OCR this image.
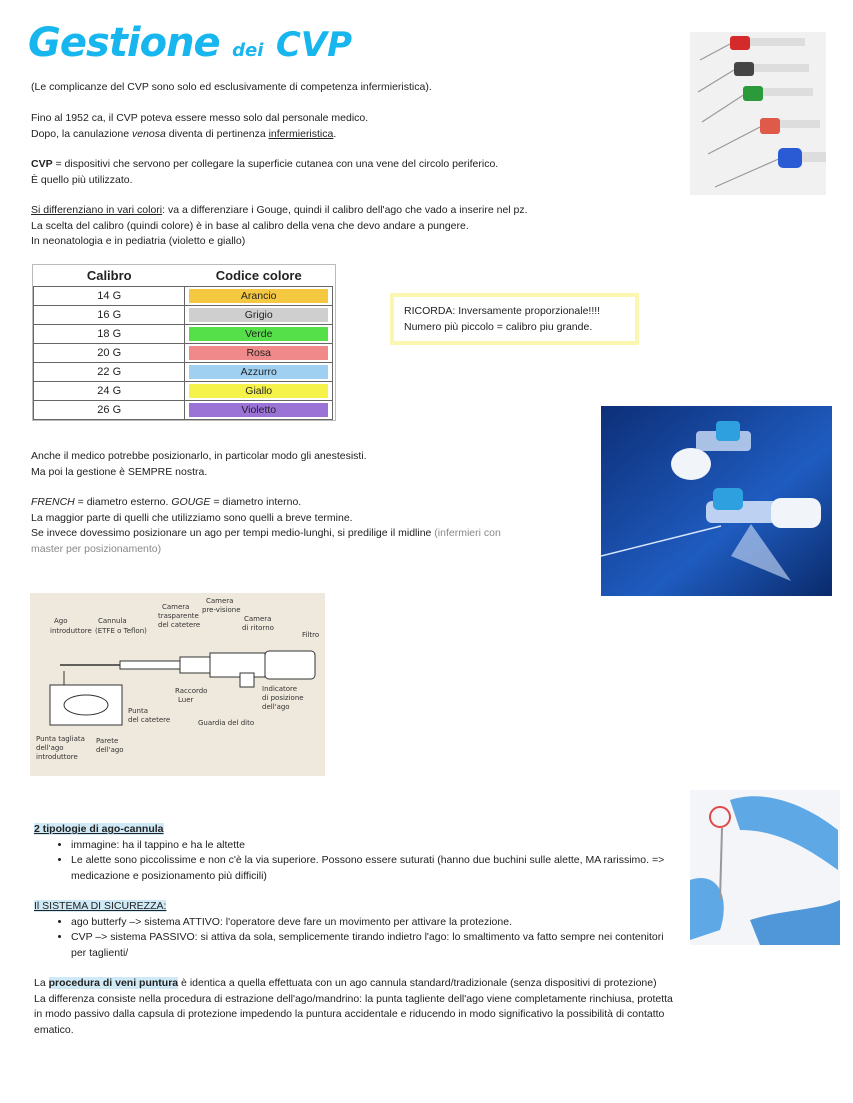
Gestione dei CVP
(Le complicanze del CVP sono solo ed esclusivamente di competenza infermieristica).
Fino al 1952 ca, il CVP poteva essere messo solo dal personale medico.
Dopo, la canulazione venosa diventa di pertinenza infermieristica.
CVP = dispositivi che servono per collegare la superficie cutanea con una vene del circolo periferico.
È quello più utilizzato.
Si differenziano in vari colori: va a differenziare i Gouge, quindi il calibro dell'ago che vado a inserire nel pz.
La scelta del calibro (quindi colore) è in base al calibro della vena che devo andare a pungere.
In neonatologia e in pediatria (violetto e giallo)
Calibro	Codice colore
14 G	Arancio

16 G	Grigio

18 G	Verde

20 G	Rosa

22 G	Azzurro

24 G	Giallo

26 G	Violetto
RICORDA: Inversamente proporzionale!!!!
Numero più piccolo = calibro piu grande.
Anche il medico potrebbe posizionarlo, in particolar modo gli anestesisti.
Ma poi la gestione è SEMPRE nostra.
FRENCH = diametro esterno. GOUGE = diametro interno.
La maggior parte di quelli che utilizziamo sono quelli a breve termine.
Se invece dovessimo posizionare un ago per tempi medio-lunghi, si predilige il midline (infermieri con
master per posizionamento)
Ago
introduttore
Cannula
(ETFE o Teflon)
Camera
trasparente
del catetere
Camera
pre-visione
Camera
di ritorno
Filtro
Raccordo
Luer
Guardia del dito
Indicatore
di posizione
dell'ago
Punta
del catetere
Punta tagliata
dell'ago
introduttore
Parete
dell'ago
2 tipologie di ago-cannula
• immagine: ha il tappino e ha le altette
• Le alette sono piccolissime e non c'è la via superiore. Possono essere suturati (hanno due buchini sulle alette, MA rarissimo. => medicazione e posizionamento più difficili)
Il SISTEMA DI SICUREZZA:
• ago butterfy –> sistema ATTIVO: l'operatore deve fare un movimento per attivare la protezione.
• CVP –> sistema PASSIVO: si attiva da sola, semplicemente tirando indietro l'ago: lo smaltimento va fatto sempre nei contenitori per taglienti/
La procedura di veni puntura è identica a quella effettuata con un ago cannula standard/tradizionale (senza dispositivi di protezione)
La differenza consiste nella procedura di estrazione dell'ago/mandrino: la punta tagliente dell'ago viene completamente rinchiusa, protetta in modo passivo dalla capsula di protezione impedendo la puntura accidentale e riducendo in modo significativo la possibilità di contatto ematico.
